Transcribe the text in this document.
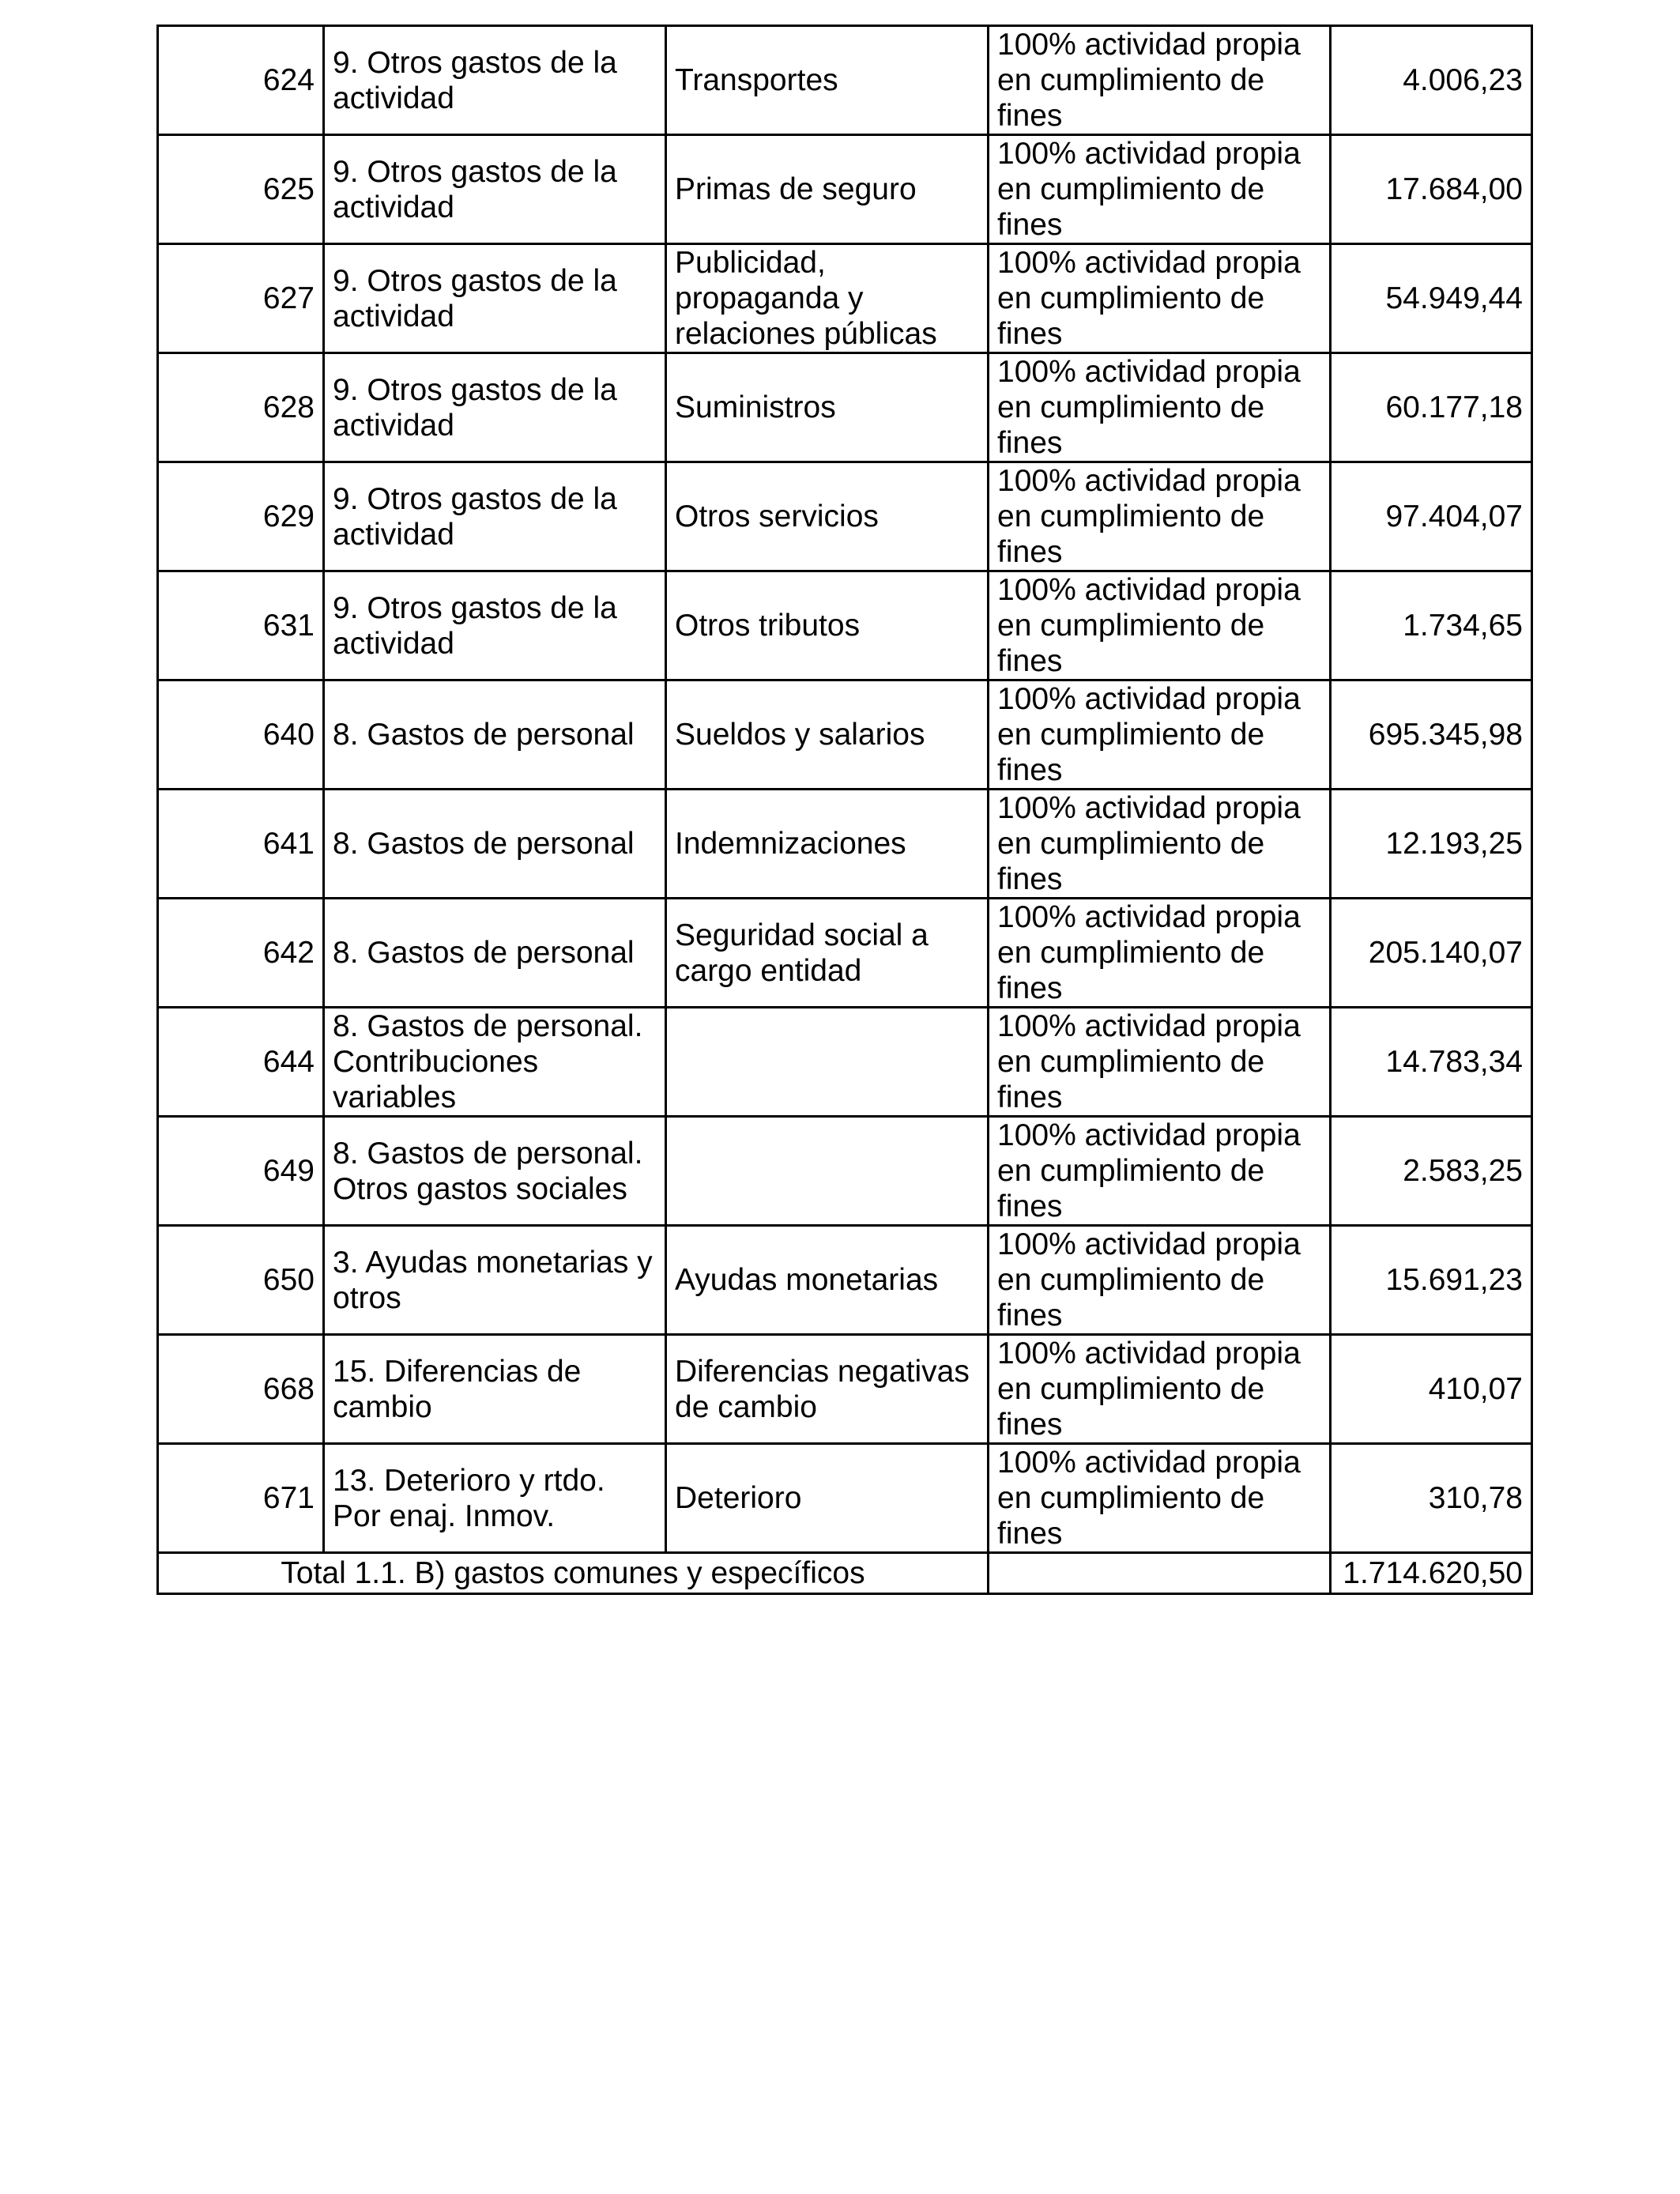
624	9. Otros gastos de la actividad	Transportes	100% actividad propia en cumplimiento de fines	4.006,23
625	9. Otros gastos de la actividad	Primas de seguro	100% actividad propia en cumplimiento de fines	17.684,00
627	9. Otros gastos de la actividad	Publicidad, propaganda y relaciones públicas	100% actividad propia en cumplimiento de fines	54.949,44
628	9. Otros gastos de la actividad	Suministros	100% actividad propia en cumplimiento de fines	60.177,18
629	9. Otros gastos de la actividad	Otros servicios	100% actividad propia en cumplimiento de fines	97.404,07
631	9. Otros gastos de la actividad	Otros tributos	100% actividad propia en cumplimiento de fines	1.734,65
640	8. Gastos de personal	Sueldos y salarios	100% actividad propia en cumplimiento de fines	695.345,98
641	8. Gastos de personal	Indemnizaciones	100% actividad propia en cumplimiento de fines	12.193,25
642	8. Gastos de personal	Seguridad social a cargo entidad	100% actividad propia en cumplimiento de fines	205.140,07
644	8. Gastos de personal. Contribuciones variables		100% actividad propia en cumplimiento de fines	14.783,34
649	8. Gastos de personal. Otros gastos sociales		100% actividad propia en cumplimiento de fines	2.583,25
650	3. Ayudas monetarias y otros	Ayudas monetarias	100% actividad propia en cumplimiento de fines	15.691,23
668	15. Diferencias de cambio	Diferencias negativas de cambio	100% actividad propia en cumplimiento de fines	410,07
671	13. Deterioro y rtdo. Por enaj. Inmov.	Deterioro	100% actividad propia en cumplimiento de fines	310,78
Total 1.1. B) gastos comunes y específicos				1.714.620,50
